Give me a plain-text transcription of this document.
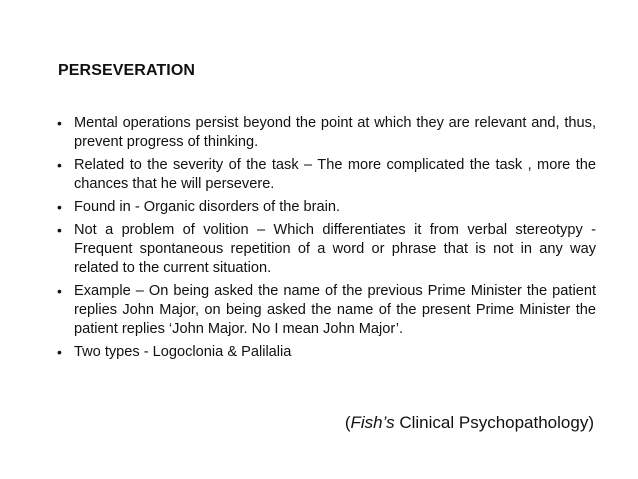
PERSEVERATION
• Mental operations persist beyond the point at which they are relevant and, thus, prevent progress of thinking.
• Related to the severity of the task – The more complicated the task , more the chances that he will persevere.
• Found in - Organic disorders of the brain.
• Not a problem of volition – Which differentiates it from verbal stereotypy - Frequent spontaneous repetition of a word or phrase that is not in any way related to the current situation.
• Example – On being asked the name of the previous Prime Minister the patient replies John Major, on being asked the name of the present Prime Minister the patient replies ‘John Major. No I mean John Major’.
• Two types - Logoclonia & Palilalia
(Fish’s Clinical Psychopathology)
